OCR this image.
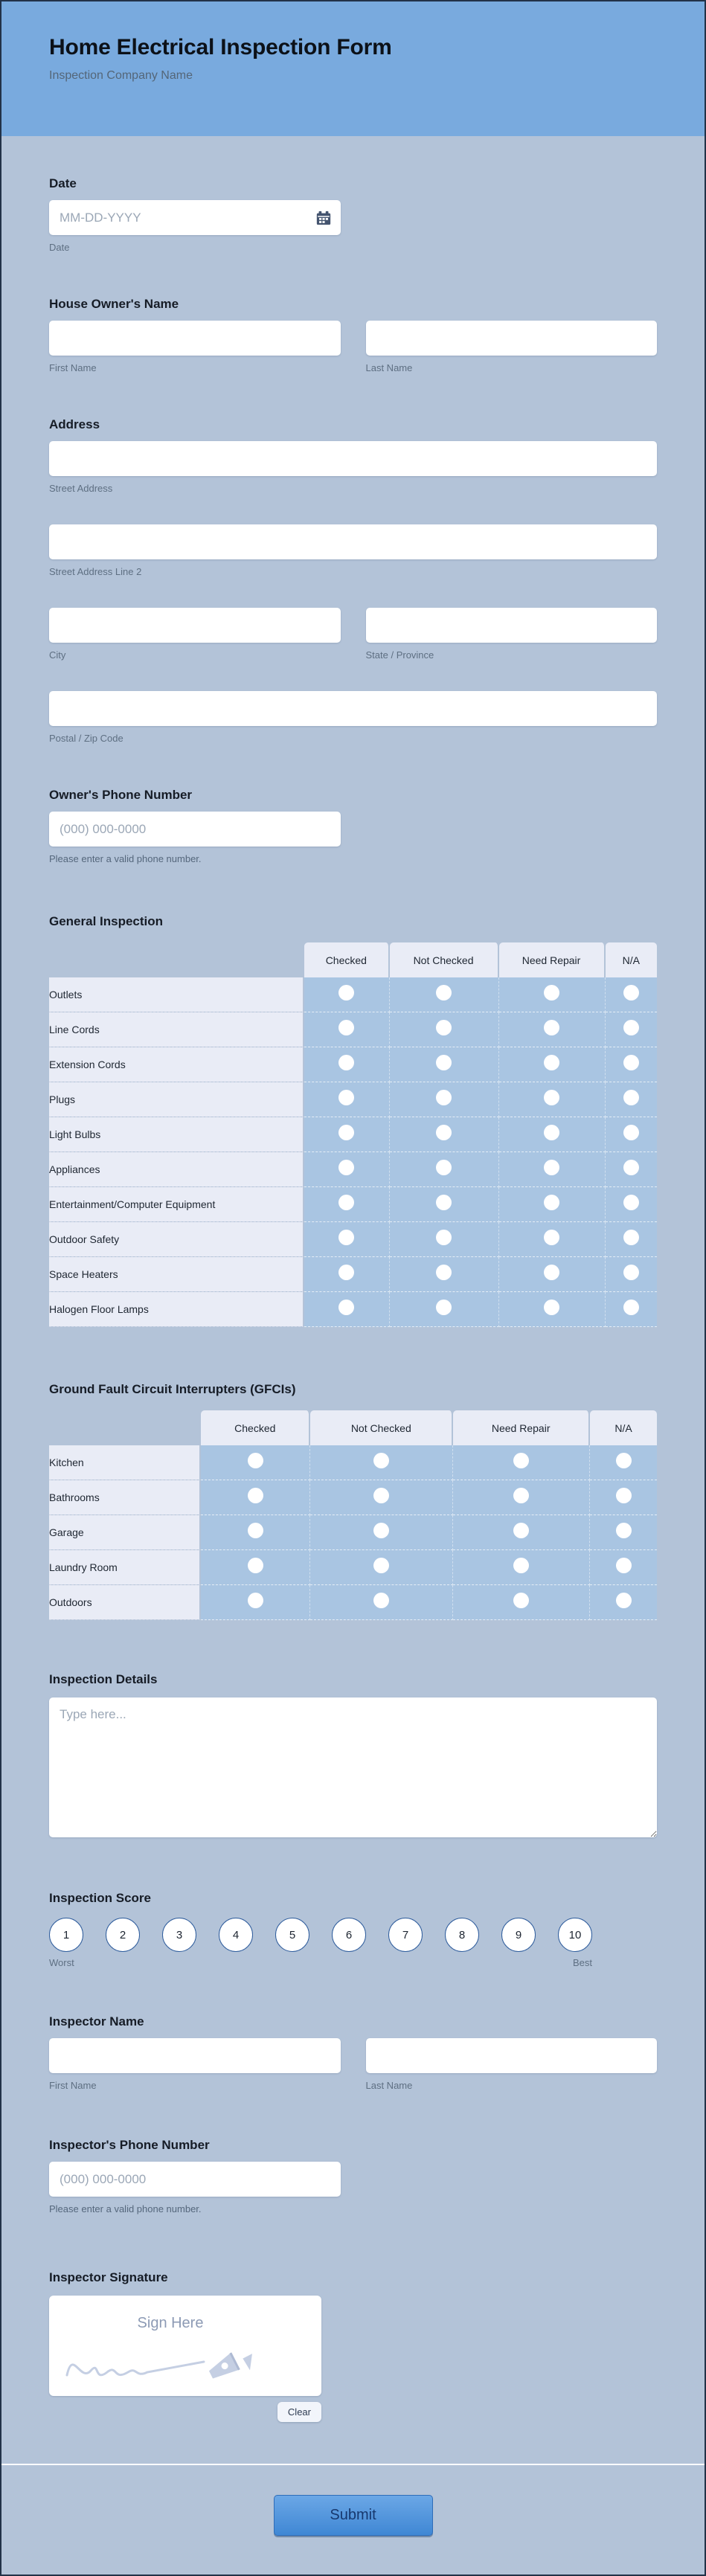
Home Electrical Inspection Form
Inspection Company Name
Date
MM-DD-YYYY
Date
House Owner's Name
First Name	Last Name
Address
Street Address
Street Address Line 2
City	State / Province
Postal / Zip Code
Owner's Phone Number
(000) 000-0000
Please enter a valid phone number.
General Inspection
	Checked	Not Checked	Need Repair	N/A
Outlets				
Line Cords				
Extension Cords				
Plugs				
Light Bulbs				
Appliances				
Entertainment/Computer Equipment				
Outdoor Safety				
Space Heaters				
Halogen Floor Lamps				
Ground Fault Circuit Interrupters (GFCIs)
	Checked	Not Checked	Need Repair	N/A
Kitchen				
Bathrooms				
Garage				
Laundry Room				
Outdoors				
Inspection Details
Type here...
Inspection Score
1	2	3	4	5	6	7	8	9	10
Worst	Best
Inspector Name
First Name	Last Name
Inspector's Phone Number
(000) 000-0000
Please enter a valid phone number.
Inspector Signature
Sign Here
Clear
Submit
